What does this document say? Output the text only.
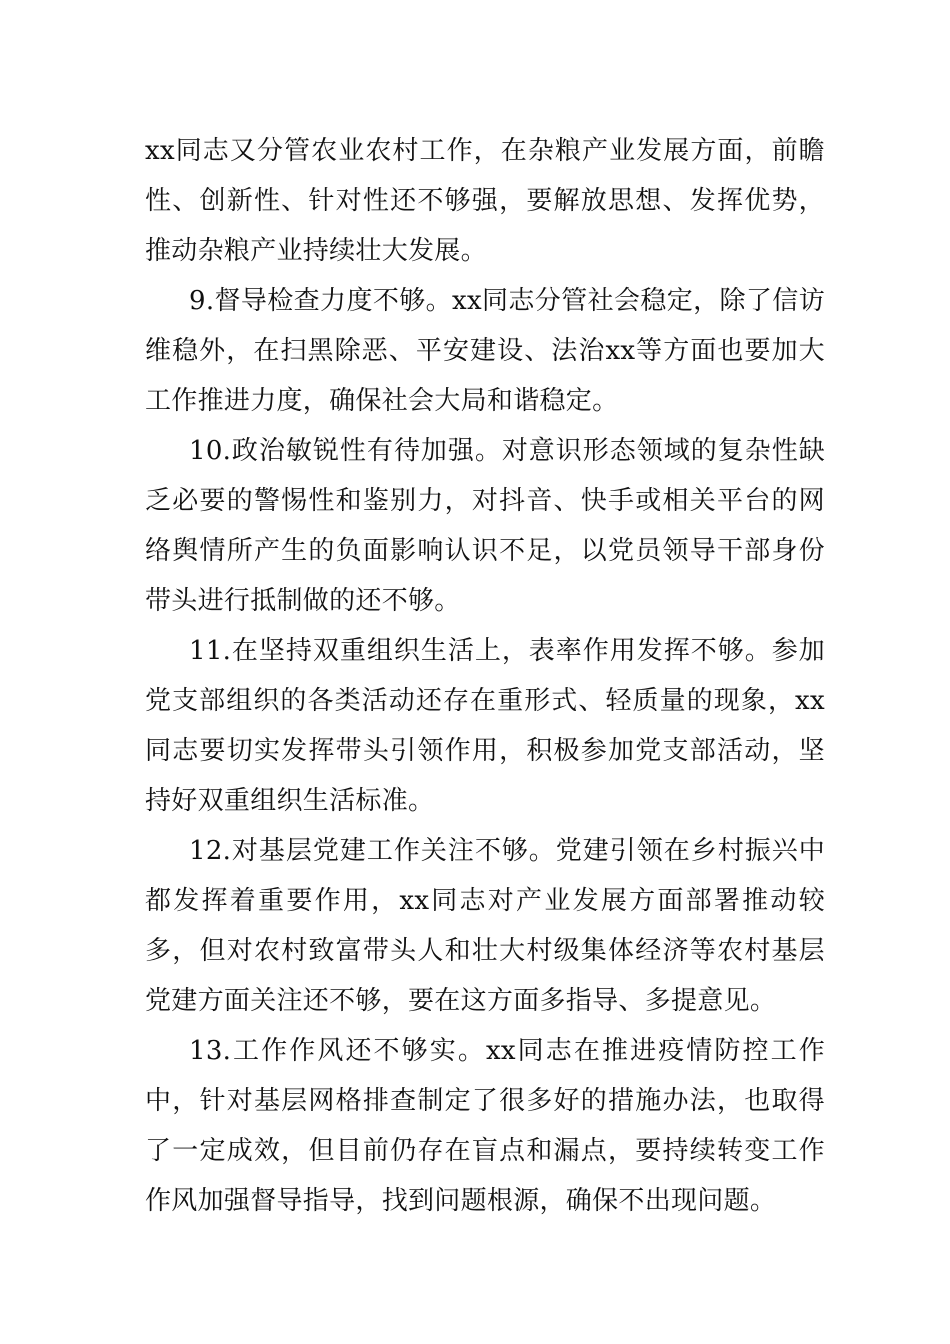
xx同志又分管农业农村工作，在杂粮产业发展方面，前瞻性、创新性、针对性还不够强，要解放思想、发挥优势，推动杂粮产业持续壮大发展。

9.督导检查力度不够。xx同志分管社会稳定，除了信访维稳外，在扫黑除恶、平安建设、法治xx等方面也要加大工作推进力度，确保社会大局和谐稳定。

10.政治敏锐性有待加强。对意识形态领域的复杂性缺乏必要的警惕性和鉴别力，对抖音、快手或相关平台的网络舆情所产生的负面影响认识不足，以党员领导干部身份带头进行抵制做的还不够。

11.在坚持双重组织生活上，表率作用发挥不够。参加党支部组织的各类活动还存在重形式、轻质量的现象，xx同志要切实发挥带头引领作用，积极参加党支部活动，坚持好双重组织生活标准。

12.对基层党建工作关注不够。党建引领在乡村振兴中都发挥着重要作用，xx同志对产业发展方面部署推动较多，但对农村致富带头人和壮大村级集体经济等农村基层党建方面关注还不够，要在这方面多指导、多提意见。

13.工作作风还不够实。xx同志在推进疫情防控工作中，针对基层网格排查制定了很多好的措施办法，也取得了一定成效，但目前仍存在盲点和漏点，要持续转变工作作风加强督导指导，找到问题根源，确保不出现问题。
